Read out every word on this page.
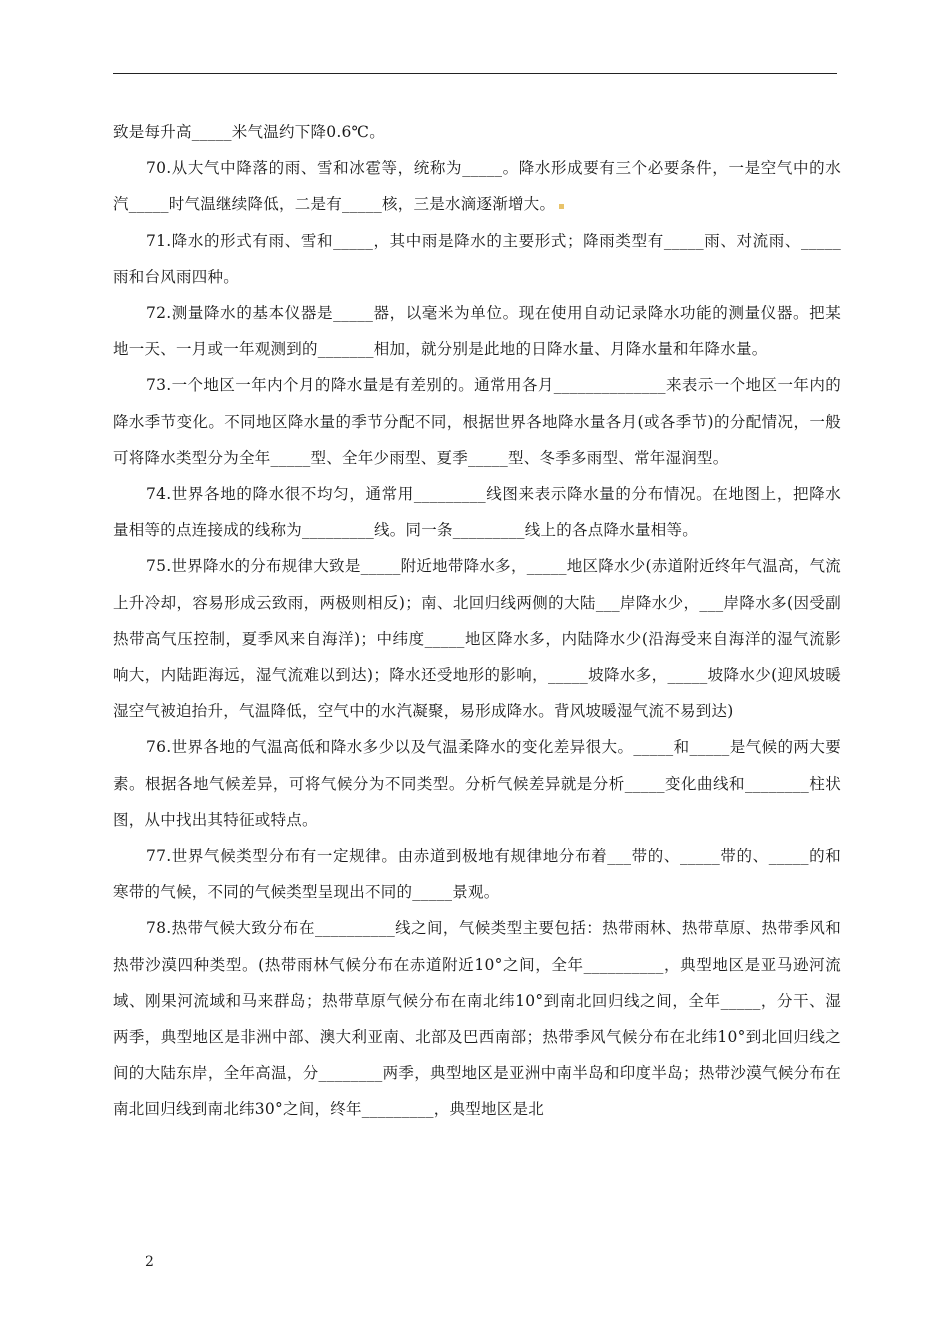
致是每升高_____米气温约下降0.6℃。

70.从大气中降落的雨、雪和冰雹等，统称为_____。降水形成要有三个必要条件，一是空气中的水汽_____时气温继续降低，二是有_____核，三是水滴逐渐增大。

71.降水的形式有雨、雪和_____，其中雨是降水的主要形式；降雨类型有_____雨、对流雨、_____雨和台风雨四种。

72.测量降水的基本仪器是_____器，以毫米为单位。现在使用自动记录降水功能的测量仪器。把某地一天、一月或一年观测到的_______相加，就分别是此地的日降水量、月降水量和年降水量。

73.一个地区一年内个月的降水量是有差别的。通常用各月______________来表示一个地区一年内的降水季节变化。不同地区降水量的季节分配不同，根据世界各地降水量各月(或各季节)的分配情况，一般可将降水类型分为全年_____型、全年少雨型、夏季_____型、冬季多雨型、常年湿润型。

74.世界各地的降水很不均匀，通常用_________线图来表示降水量的分布情况。在地图上，把降水量相等的点连接成的线称为_________线。同一条_________线上的各点降水量相等。

75.世界降水的分布规律大致是_____附近地带降水多，_____地区降水少(赤道附近终年气温高，气流上升冷却，容易形成云致雨，两极则相反)；南、北回归线两侧的大陆___岸降水少，___岸降水多(因受副热带高气压控制，夏季风来自海洋)；中纬度_____地区降水多，内陆降水少(沿海受来自海洋的湿气流影响大，内陆距海远，湿气流难以到达)；降水还受地形的影响，_____坡降水多，_____坡降水少(迎风坡暖湿空气被迫抬升，气温降低，空气中的水汽凝聚，易形成降水。背风坡暖湿气流不易到达)

76.世界各地的气温高低和降水多少以及气温柔降水的变化差异很大。_____和_____是气候的两大要素。根据各地气候差异，可将气候分为不同类型。分析气候差异就是分析_____变化曲线和________柱状图，从中找出其特征或特点。

77.世界气候类型分布有一定规律。由赤道到极地有规律地分布着___带的、_____带的、_____的和寒带的气候，不同的气候类型呈现出不同的_____景观。

78.热带气候大致分布在__________线之间，气候类型主要包括：热带雨林、热带草原、热带季风和热带沙漠四种类型。(热带雨林气候分布在赤道附近10°之间，全年__________，典型地区是亚马逊河流域、刚果河流域和马来群岛；热带草原气候分布在南北纬10°到南北回归线之间，全年_____，分干、湿两季，典型地区是非洲中部、澳大利亚南、北部及巴西南部；热带季风气候分布在北纬10°到北回归线之间的大陆东岸，全年高温，分________两季，典型地区是亚洲中南半岛和印度半岛；热带沙漠气候分布在南北回归线到南北纬30°之间，终年_________，典型地区是北

2
